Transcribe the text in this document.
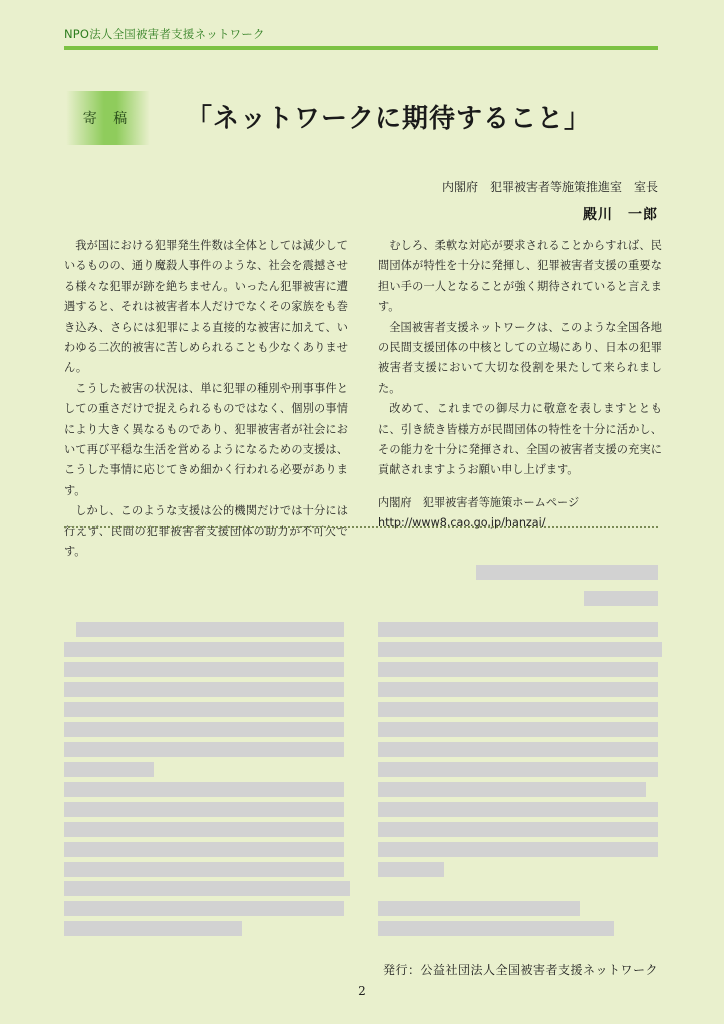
NPO法人全国被害者支援ネットワーク
寄 稿	「ネットワークに期待すること」
内閣府　犯罪被害者等施策推進室　室長
殿川　一郎

我が国における犯罪発生件数は全体としては減少しているものの、通り魔殺人事件のような、社会を震撼させる様々な犯罪が跡を絶ちません。いったん犯罪被害に遭遇すると、それは被害者本人だけでなくその家族をも巻き込み、さらには犯罪による直接的な被害に加えて、いわゆる二次的被害に苦しめられることも少なくありません。

こうした被害の状況は、単に犯罪の種別や刑事事件としての重さだけで捉えられるものではなく、個別の事情により大きく異なるものであり、犯罪被害者が社会において再び平穏な生活を営めるようになるための支援は、こうした事情に応じてきめ細かく行われる必要があります。

しかし、このような支援は公的機関だけでは十分には行えず、民間の犯罪被害者支援団体の助力が不可欠です。

むしろ、柔軟な対応が要求されることからすれば、民間団体が特性を十分に発揮し、犯罪被害者支援の重要な担い手の一人となることが強く期待されていると言えます。

全国被害者支援ネットワークは、このような全国各地の民間支援団体の中核としての立場にあり、日本の犯罪被害者支援において大切な役割を果たして来られました。

改めて、これまでの御尽力に敬意を表しますとともに、引き続き皆様方が民間団体の特性を十分に活かし、その能力を十分に発揮され、全国の被害者支援の充実に貢献されますようお願い申し上げます。

内閣府　犯罪被害者等施策ホームページ
http://www8.cao.go.jp/hanzai/
発行：公益社団法人全国被害者支援ネットワーク
2
